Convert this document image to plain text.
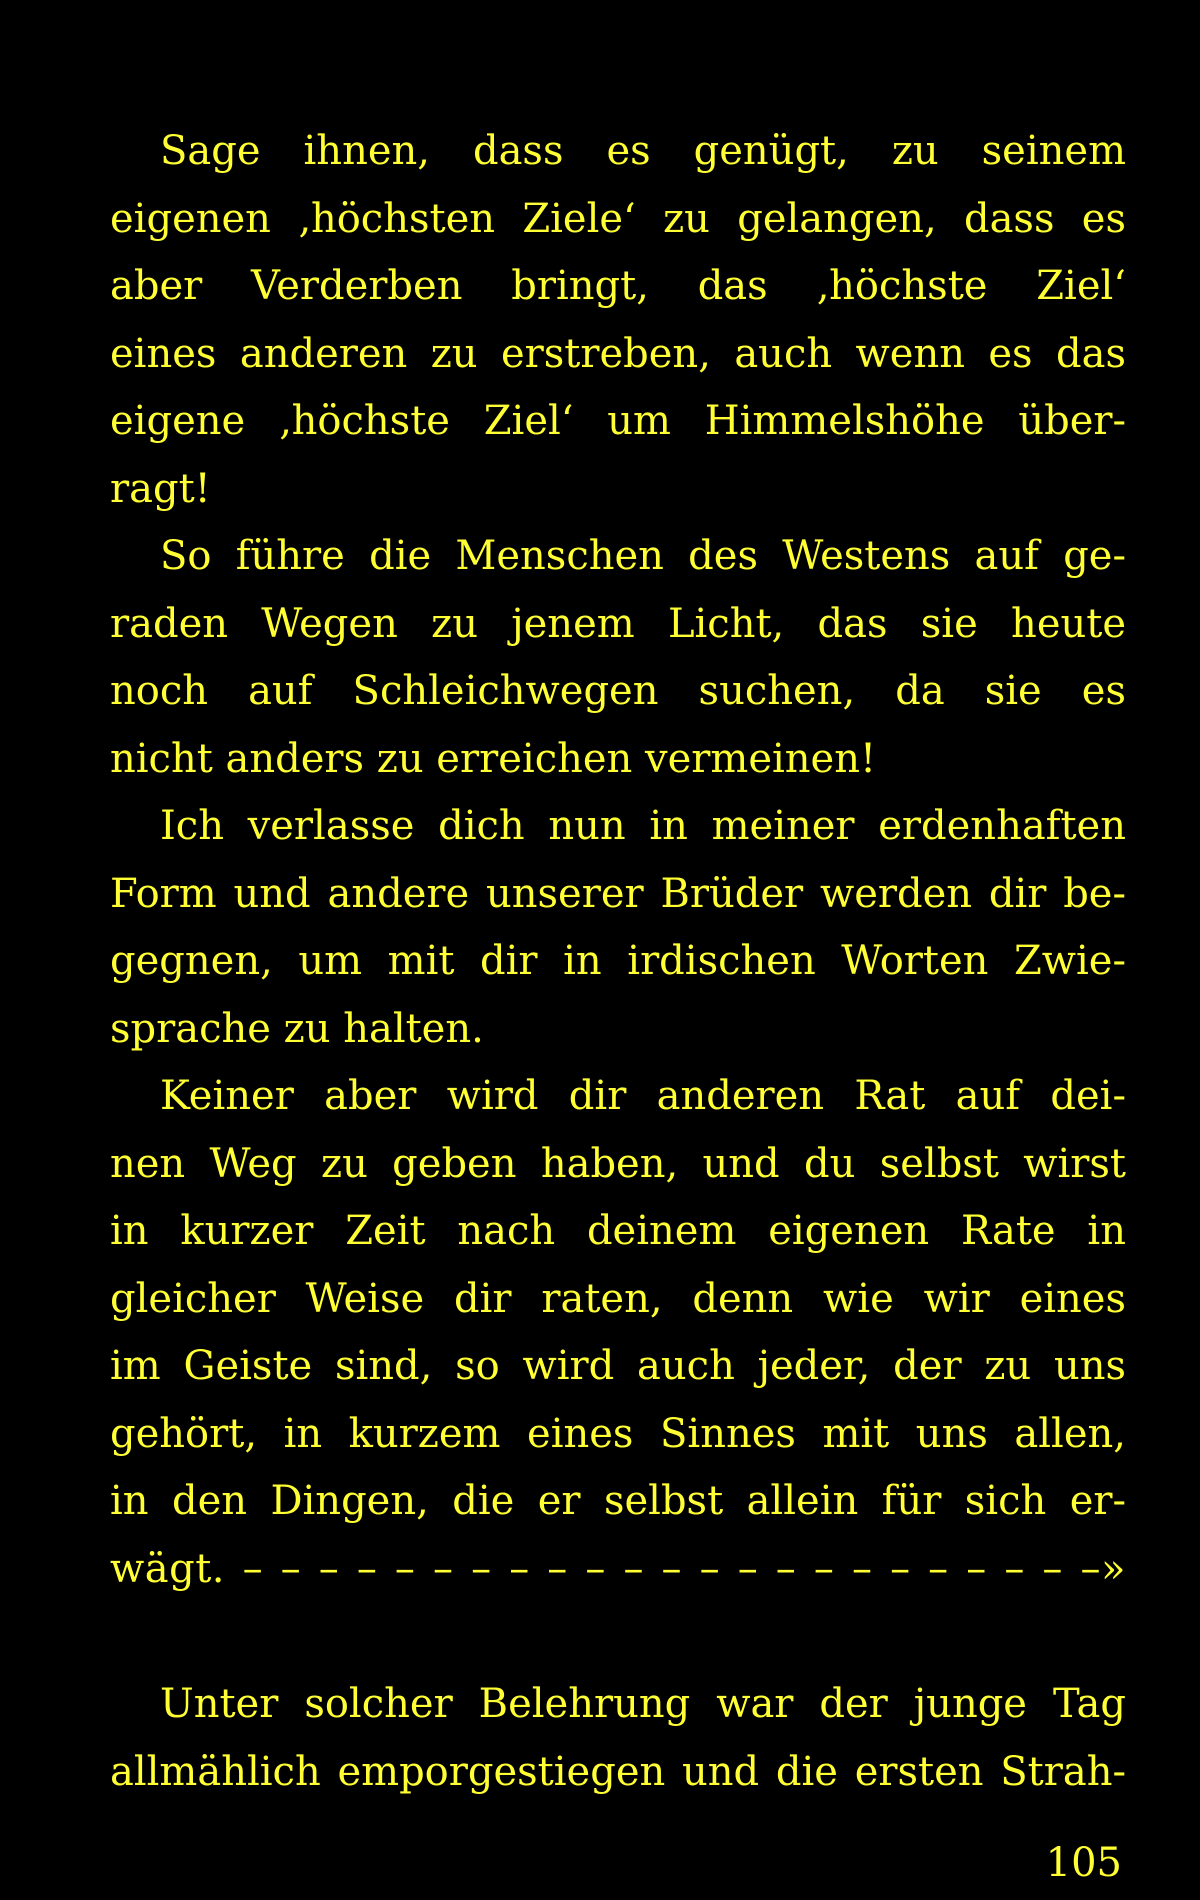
Sage ihnen, dass es genügt, zu seinem
eigenen ‚höchsten Ziele‘ zu gelangen, dass es
aber Verderben bringt, das ‚höchste Ziel‘
eines anderen zu erstreben, auch wenn es das
eigene ‚höchste Ziel‘ um Himmelshöhe über-
ragt!
So führe die Menschen des Westens auf ge-
raden Wegen zu jenem Licht, das sie heute
noch auf Schleichwegen suchen, da sie es
nicht anders zu erreichen vermeinen!
Ich verlasse dich nun in meiner erdenhaften
Form und andere unserer Brüder werden dir be-
gegnen, um mit dir in irdischen Worten Zwie-
sprache zu halten.
Keiner aber wird dir anderen Rat auf dei-
nen Weg zu geben haben, und du selbst wirst
in kurzer Zeit nach deinem eigenen Rate in
gleicher Weise dir raten, denn wie wir eines
im Geiste sind, so wird auch jeder, der zu uns
gehört, in kurzem eines Sinnes mit uns allen,
in den Dingen, die er selbst allein für sich er-
wägt. – – – – – – – – – – – – – – – – – – – – – – –»
Unter solcher Belehrung war der junge Tag
allmählich emporgestiegen und die ersten Strah-
105
